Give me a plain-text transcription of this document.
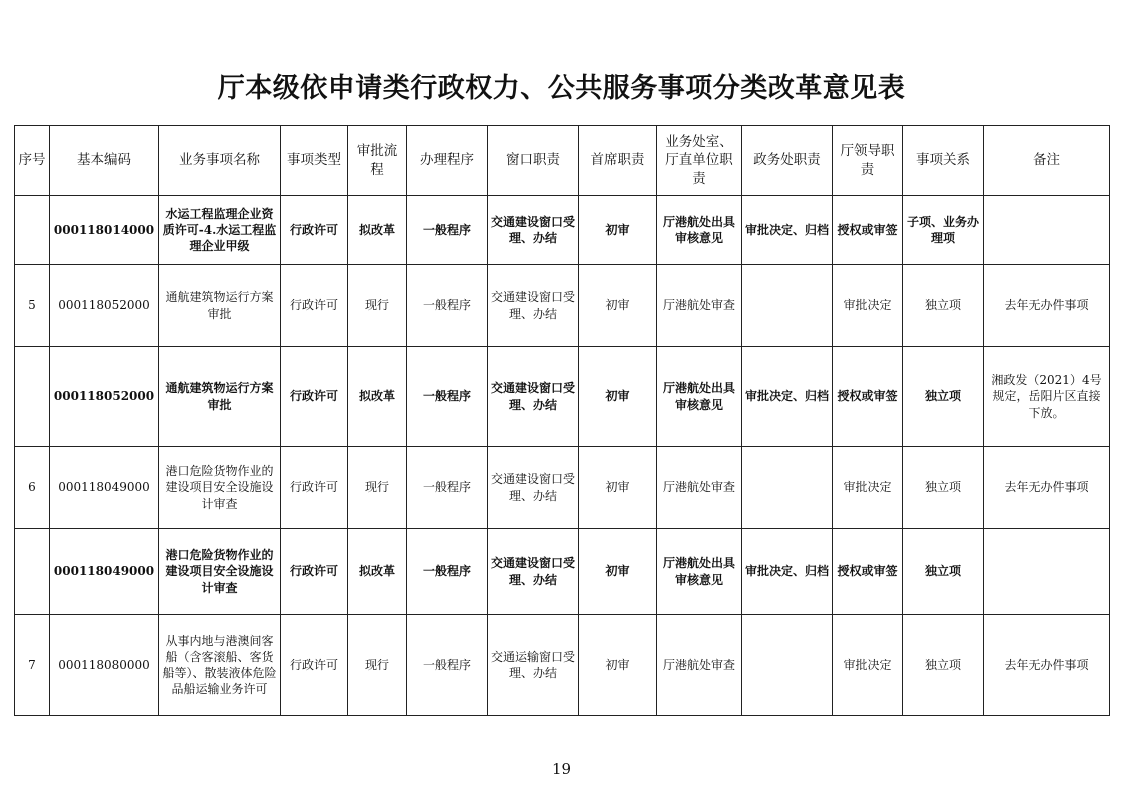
厅本级依申请类行政权力、公共服务事项分类改革意见表
序号	基本编码	业务事项名称	事项类型	审批流程	办理程序	窗口职责	首席职责	业务处室、厅直单位职责	政务处职责	厅领导职责	事项关系	备注
	000118014000	水运工程监理企业资质许可-4.水运工程监理企业甲级	行政许可	拟改革	一般程序	交通建设窗口受理、办结	初审	厅港航处出具审核意见	审批决定、归档	授权或审签	子项、业务办理项	
5	000118052000	通航建筑物运行方案审批	行政许可	现行	一般程序	交通建设窗口受理、办结	初审	厅港航处审查		审批决定	独立项	去年无办件事项
	000118052000	通航建筑物运行方案审批	行政许可	拟改革	一般程序	交通建设窗口受理、办结	初审	厅港航处出具审核意见	审批决定、归档	授权或审签	独立项	湘政发（2021）4号规定，岳阳片区直接下放。
6	000118049000	港口危险货物作业的建设项目安全设施设计审查	行政许可	现行	一般程序	交通建设窗口受理、办结	初审	厅港航处审查		审批决定	独立项	去年无办件事项
	000118049000	港口危险货物作业的建设项目安全设施设计审查	行政许可	拟改革	一般程序	交通建设窗口受理、办结	初审	厅港航处出具审核意见	审批决定、归档	授权或审签	独立项	
7	000118080000	从事内地与港澳间客船（含客滚船、客货船等）、散装液体危险品船运输业务许可	行政许可	现行	一般程序	交通运输窗口受理、办结	初审	厅港航处审查		审批决定	独立项	去年无办件事项
19
